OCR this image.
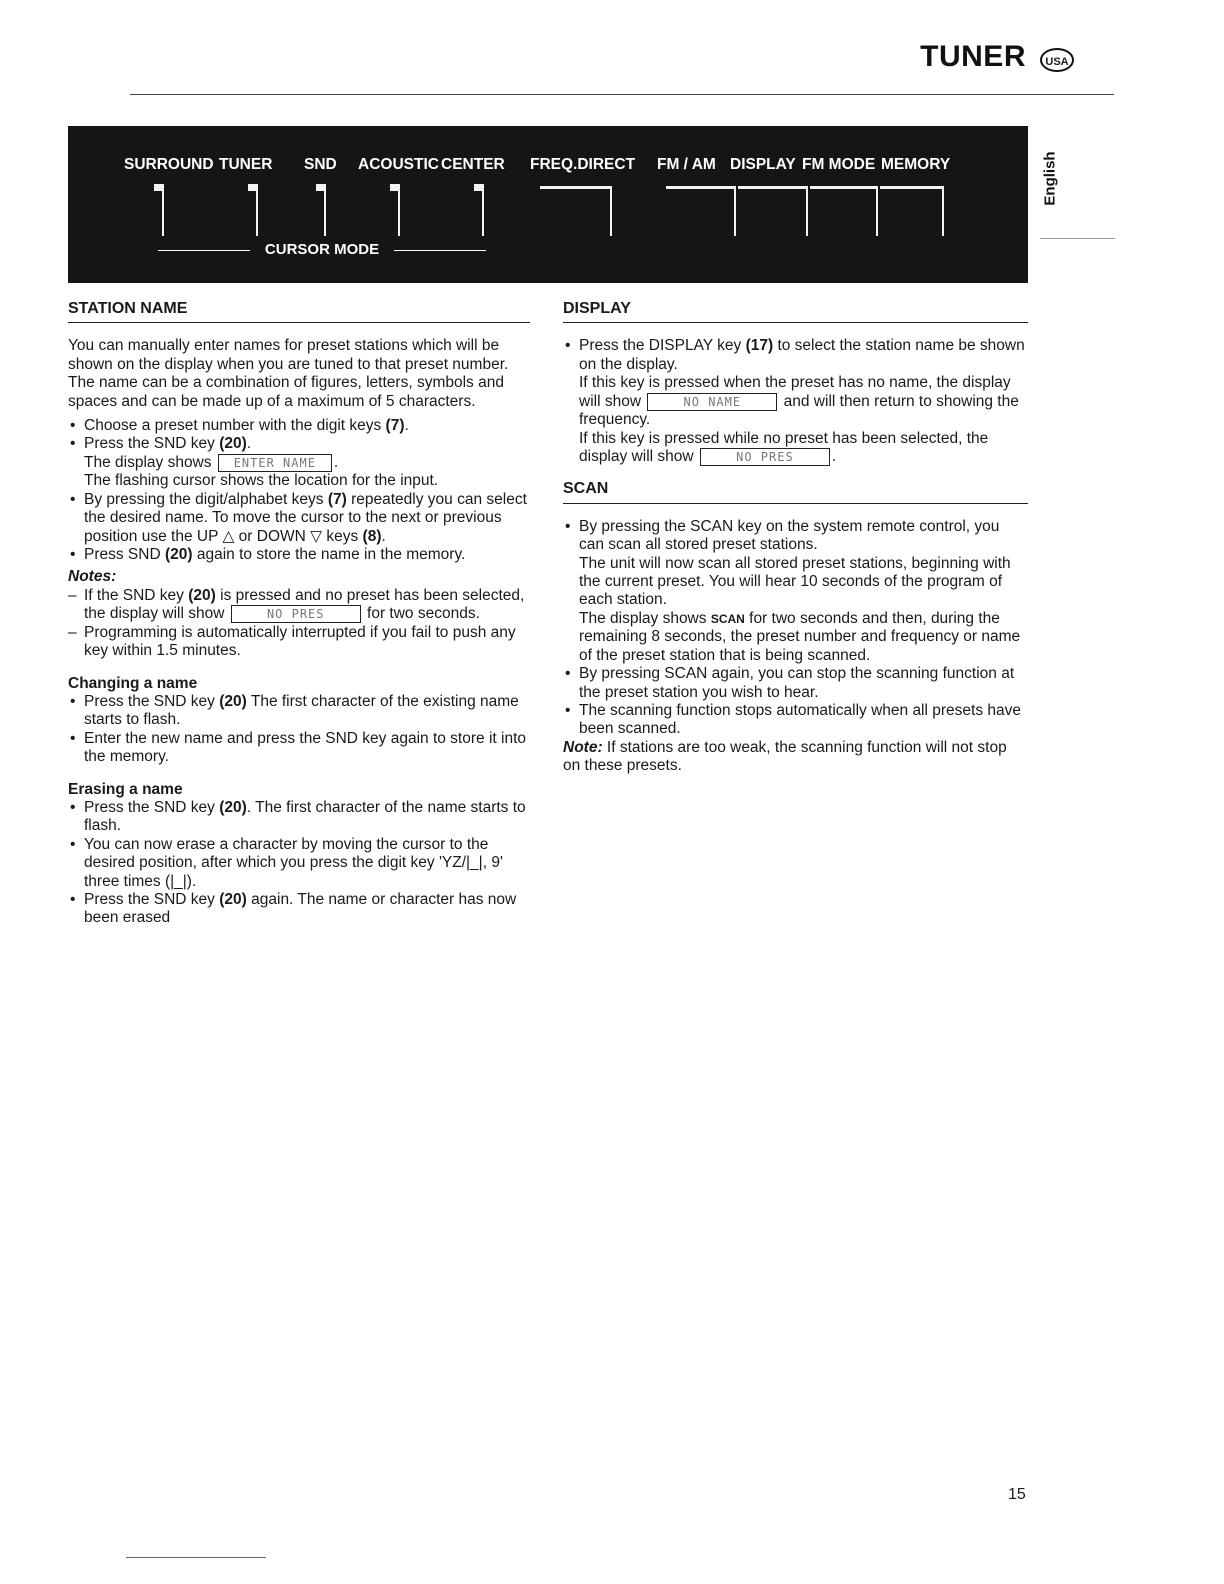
TUNER	USA
SURROUND TUNER SND ACOUSTIC CENTER FREQ.DIRECT FM / AM DISPLAY FM MODE MEMORY
CURSOR MODE
English
STATION NAME

You can manually enter names for preset stations which will be shown on the display when you are tuned to that preset number.

The name can be a combination of figures, letters, symbols and spaces and can be made up of a maximum of 5 characters.

• Choose a preset number with the digit keys (7).
• Press the SND key (20).
The display shows ENTER NAME .
The flashing cursor shows the location for the input.
• By pressing the digit/alphabet keys (7) repeatedly you can select the desired name. To move the cursor to the next or previous position use the UP △ or DOWN ▽ keys (8).
• Press SND (20) again to store the name in the memory.
Notes:
– If the SND key (20) is pressed and no preset has been selected, the display will show	NO PRES for two seconds.
– Programming is automatically interrupted if you fail to push any key within 1.5 minutes.
Changing a name
• Press the SND key (20) The first character of the existing name starts to flash.
• Enter the new name and press the SND key again to store it into the memory.
Erasing a name
• Press the SND key (20). The first character of the name starts to flash.
• You can now erase a character by moving the cursor to the desired position, after which you press the digit key 'YZ/|_|, 9' three times (|_|).
• Press the SND key (20) again. The name or character has now been erased
DISPLAY
• Press the DISPLAY key (17) to select the station name be shown on the display.
If this key is pressed when the preset has no name, the display will show	NO NAME and will then return to showing the frequency.
If this key is pressed while no preset has been selected, the display will show	NO PRES .
SCAN
• By pressing the SCAN key on the system remote control, you can scan all stored preset stations.
The unit will now scan all stored preset stations, beginning with the current preset. You will hear 10 seconds of the program of each station.
The display shows SCAN for two seconds and then, during the remaining 8 seconds, the preset number and frequency or name of the preset station that is being scanned.
• By pressing SCAN again, you can stop the scanning function at the preset station you wish to hear.
• The scanning function stops automatically when all presets have been scanned.

Note: If stations are too weak, the scanning function will not stop on these presets.

15
